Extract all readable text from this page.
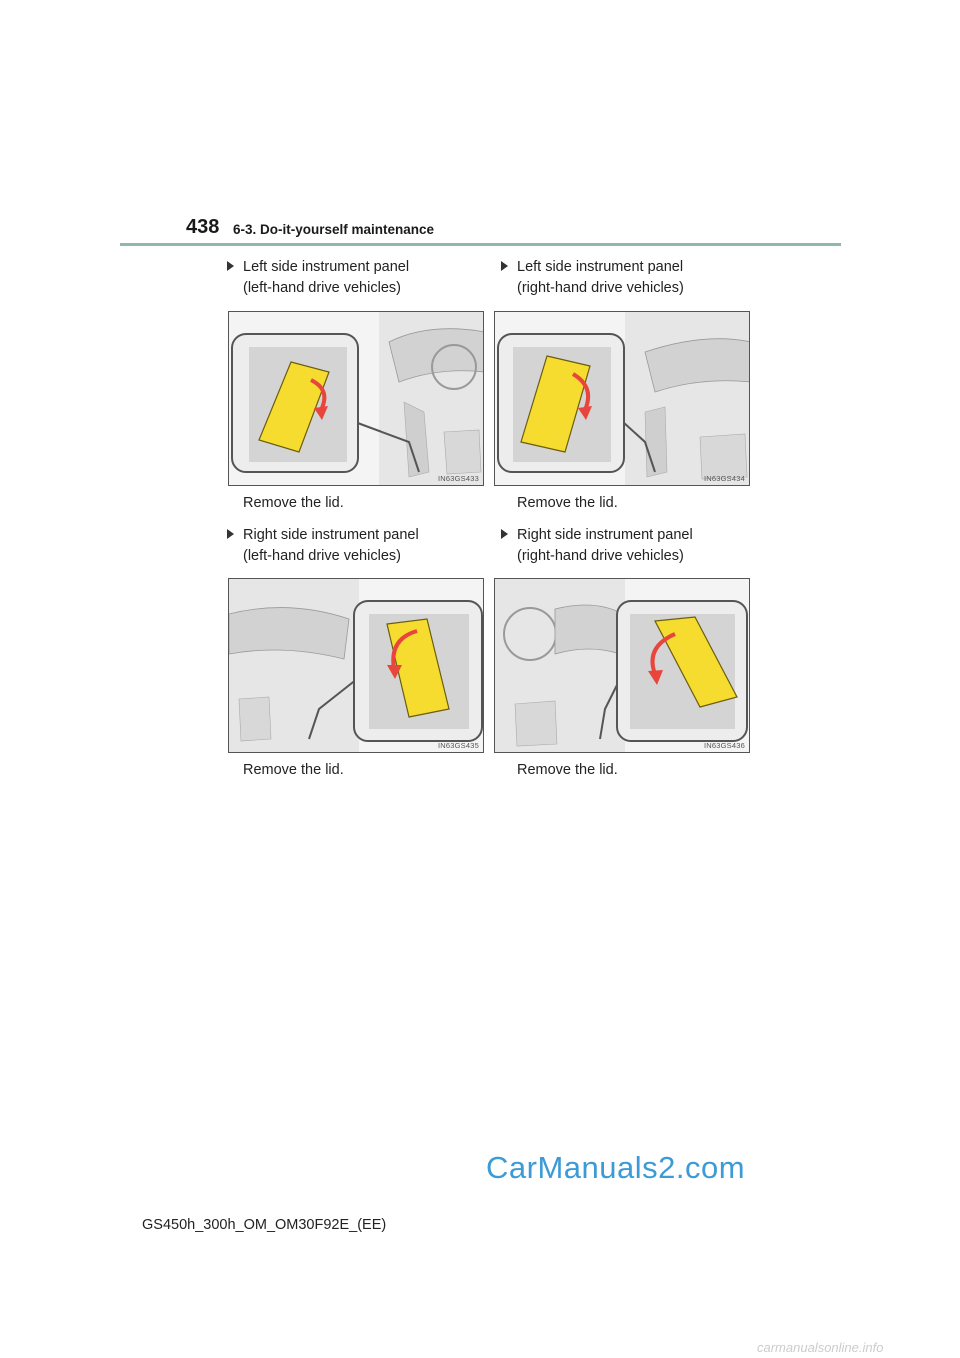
438 6-3. Do-it-yourself maintenance
Left side instrument panel
(left-hand drive vehicles)
IN63GS433
Remove the lid.
Left side instrument panel
(right-hand drive vehicles)
IN63GS434
Remove the lid.
Right side instrument panel
(left-hand drive vehicles)
IN63GS435
Remove the lid.
Right side instrument panel
(right-hand drive vehicles)
IN63GS436
Remove the lid.
CarManuals2.com
GS450h_300h_OM_OM30F92E_(EE)
carmanualsonline.info
